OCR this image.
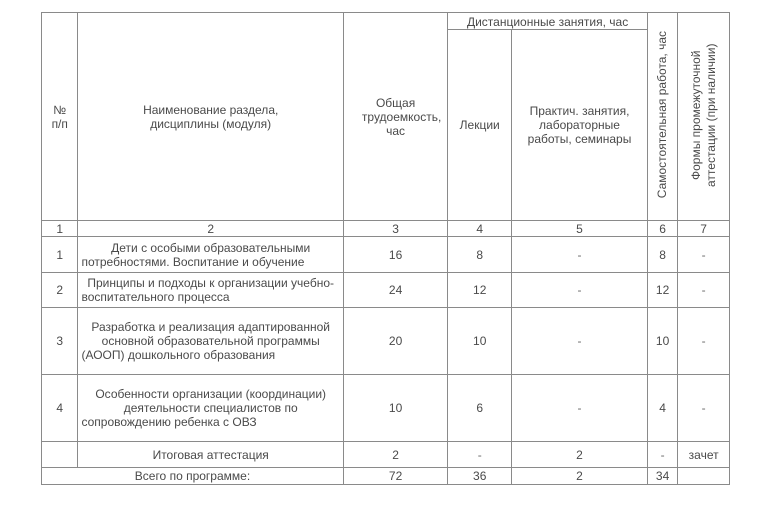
№
п/п	Наименование раздела, дисциплины (модуля)	Общая трудоемкость, час	Дистанционные занятия, час		Самостоятельная работа, час	Формы промежуточной аттестации (при наличии)
			Лекции	Практич. занятия, лабораторные работы, семинары		
1	2	3	4	5	6	7
1	Дети с особыми образовательными потребностями. Воспитание и обучение	16	8	-	8	-
2	Принципы и подходы к организации учебно-воспитательного процесса	24	12	-	12	-
3	Разработка и реализация адаптированной основной образовательной программы (АООП) дошкольного образования	20	10	-	10	-
4	Особенности организации (координации) деятельности специалистов по сопровождению ребенка с ОВЗ	10	6	-	4	-
	Итоговая аттестация	2	-	2	-	зачет
Всего по программе:		72	36	2	34	
